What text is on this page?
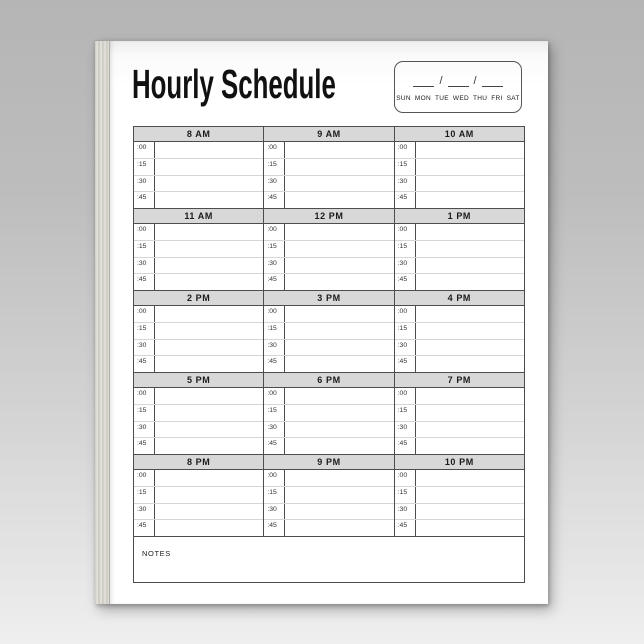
Hourly Schedule	/	/
SUN MON TUE WED THU FRI SAT
8 AM
:00
:15
:30
:45
9 AM
:00
:15
:30
:45
10 AM
:00
:15
:30
:45
11 AM
:00
:15
:30
:45
12 PM
:00
:15
:30
:45
1 PM
:00
:15
:30
:45
2 PM
:00
:15
:30
:45
3 PM
:00
:15
:30
:45
4 PM
:00
:15
:30
:45
5 PM
:00
:15
:30
:45
6 PM
:00
:15
:30
:45
7 PM
:00
:15
:30
:45
8 PM
:00
:15
:30
:45
9 PM
:00
:15
:30
:45
10 PM
:00
:15
:30
:45
NOTES
